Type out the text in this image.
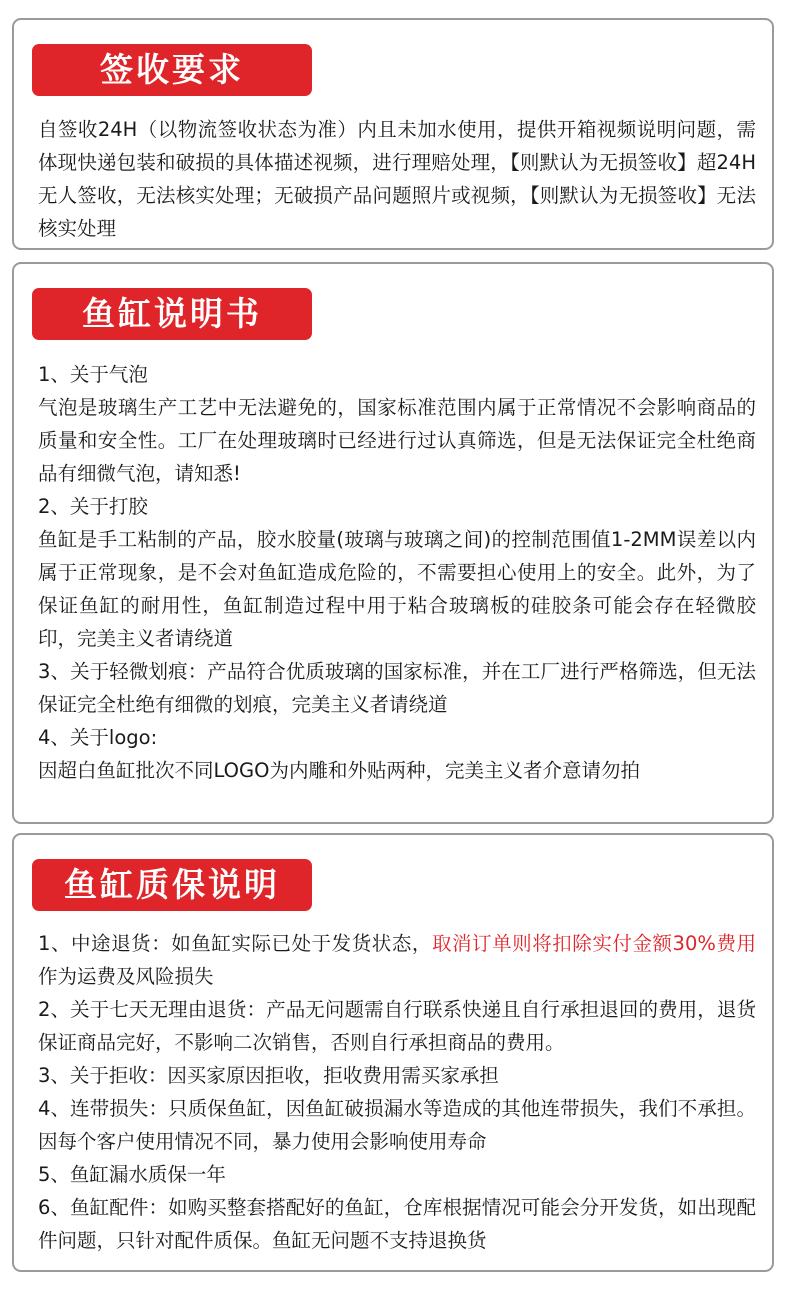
签收要求
自签收24H（以物流签收状态为准）内且未加水使用，提供开箱视频说明问题，需体现快递包装和破损的具体描述视频，进行理赔处理，【则默认为无损签收】超24H无人签收，无法核实处理；无破损产品问题照片或视频，【则默认为无损签收】无法核实处理
鱼缸说明书
1、关于气泡
气泡是玻璃生产工艺中无法避免的，国家标准范围内属于正常情况不会影响商品的质量和安全性。工厂在处理玻璃时已经进行过认真筛选，但是无法保证完全杜绝商品有细微气泡，请知悉!
2、关于打胶
鱼缸是手工粘制的产品，胶水胶量(玻璃与玻璃之间)的控制范围值1-2MM误差以内属于正常现象，是不会对鱼缸造成危险的，不需要担心使用上的安全。此外，为了保证鱼缸的耐用性，鱼缸制造过程中用于粘合玻璃板的硅胶条可能会存在轻微胶印，完美主义者请绕道
3、关于轻微划痕：产品符合优质玻璃的国家标准，并在工厂进行严格筛选，但无法保证完全杜绝有细微的划痕，完美主义者请绕道
4、关于logo:
因超白鱼缸批次不同LOGO为内雕和外贴两种，完美主义者介意请勿拍
鱼缸质保说明
1、中途退货：如鱼缸实际已处于发货状态，取消订单则将扣除实付金额30%费用作为运费及风险损失
2、关于七天无理由退货：产品无问题需自行联系快递且自行承担退回的费用，退货保证商品完好，不影响二次销售，否则自行承担商品的费用。
3、关于拒收：因买家原因拒收，拒收费用需买家承担
4、连带损失：只质保鱼缸，因鱼缸破损漏水等造成的其他连带损失，我们不承担。因每个客户使用情况不同，暴力使用会影响使用寿命
5、鱼缸漏水质保一年
6、鱼缸配件：如购买整套搭配好的鱼缸，仓库根据情况可能会分开发货，如出现配件问题，只针对配件质保。鱼缸无问题不支持退换货
